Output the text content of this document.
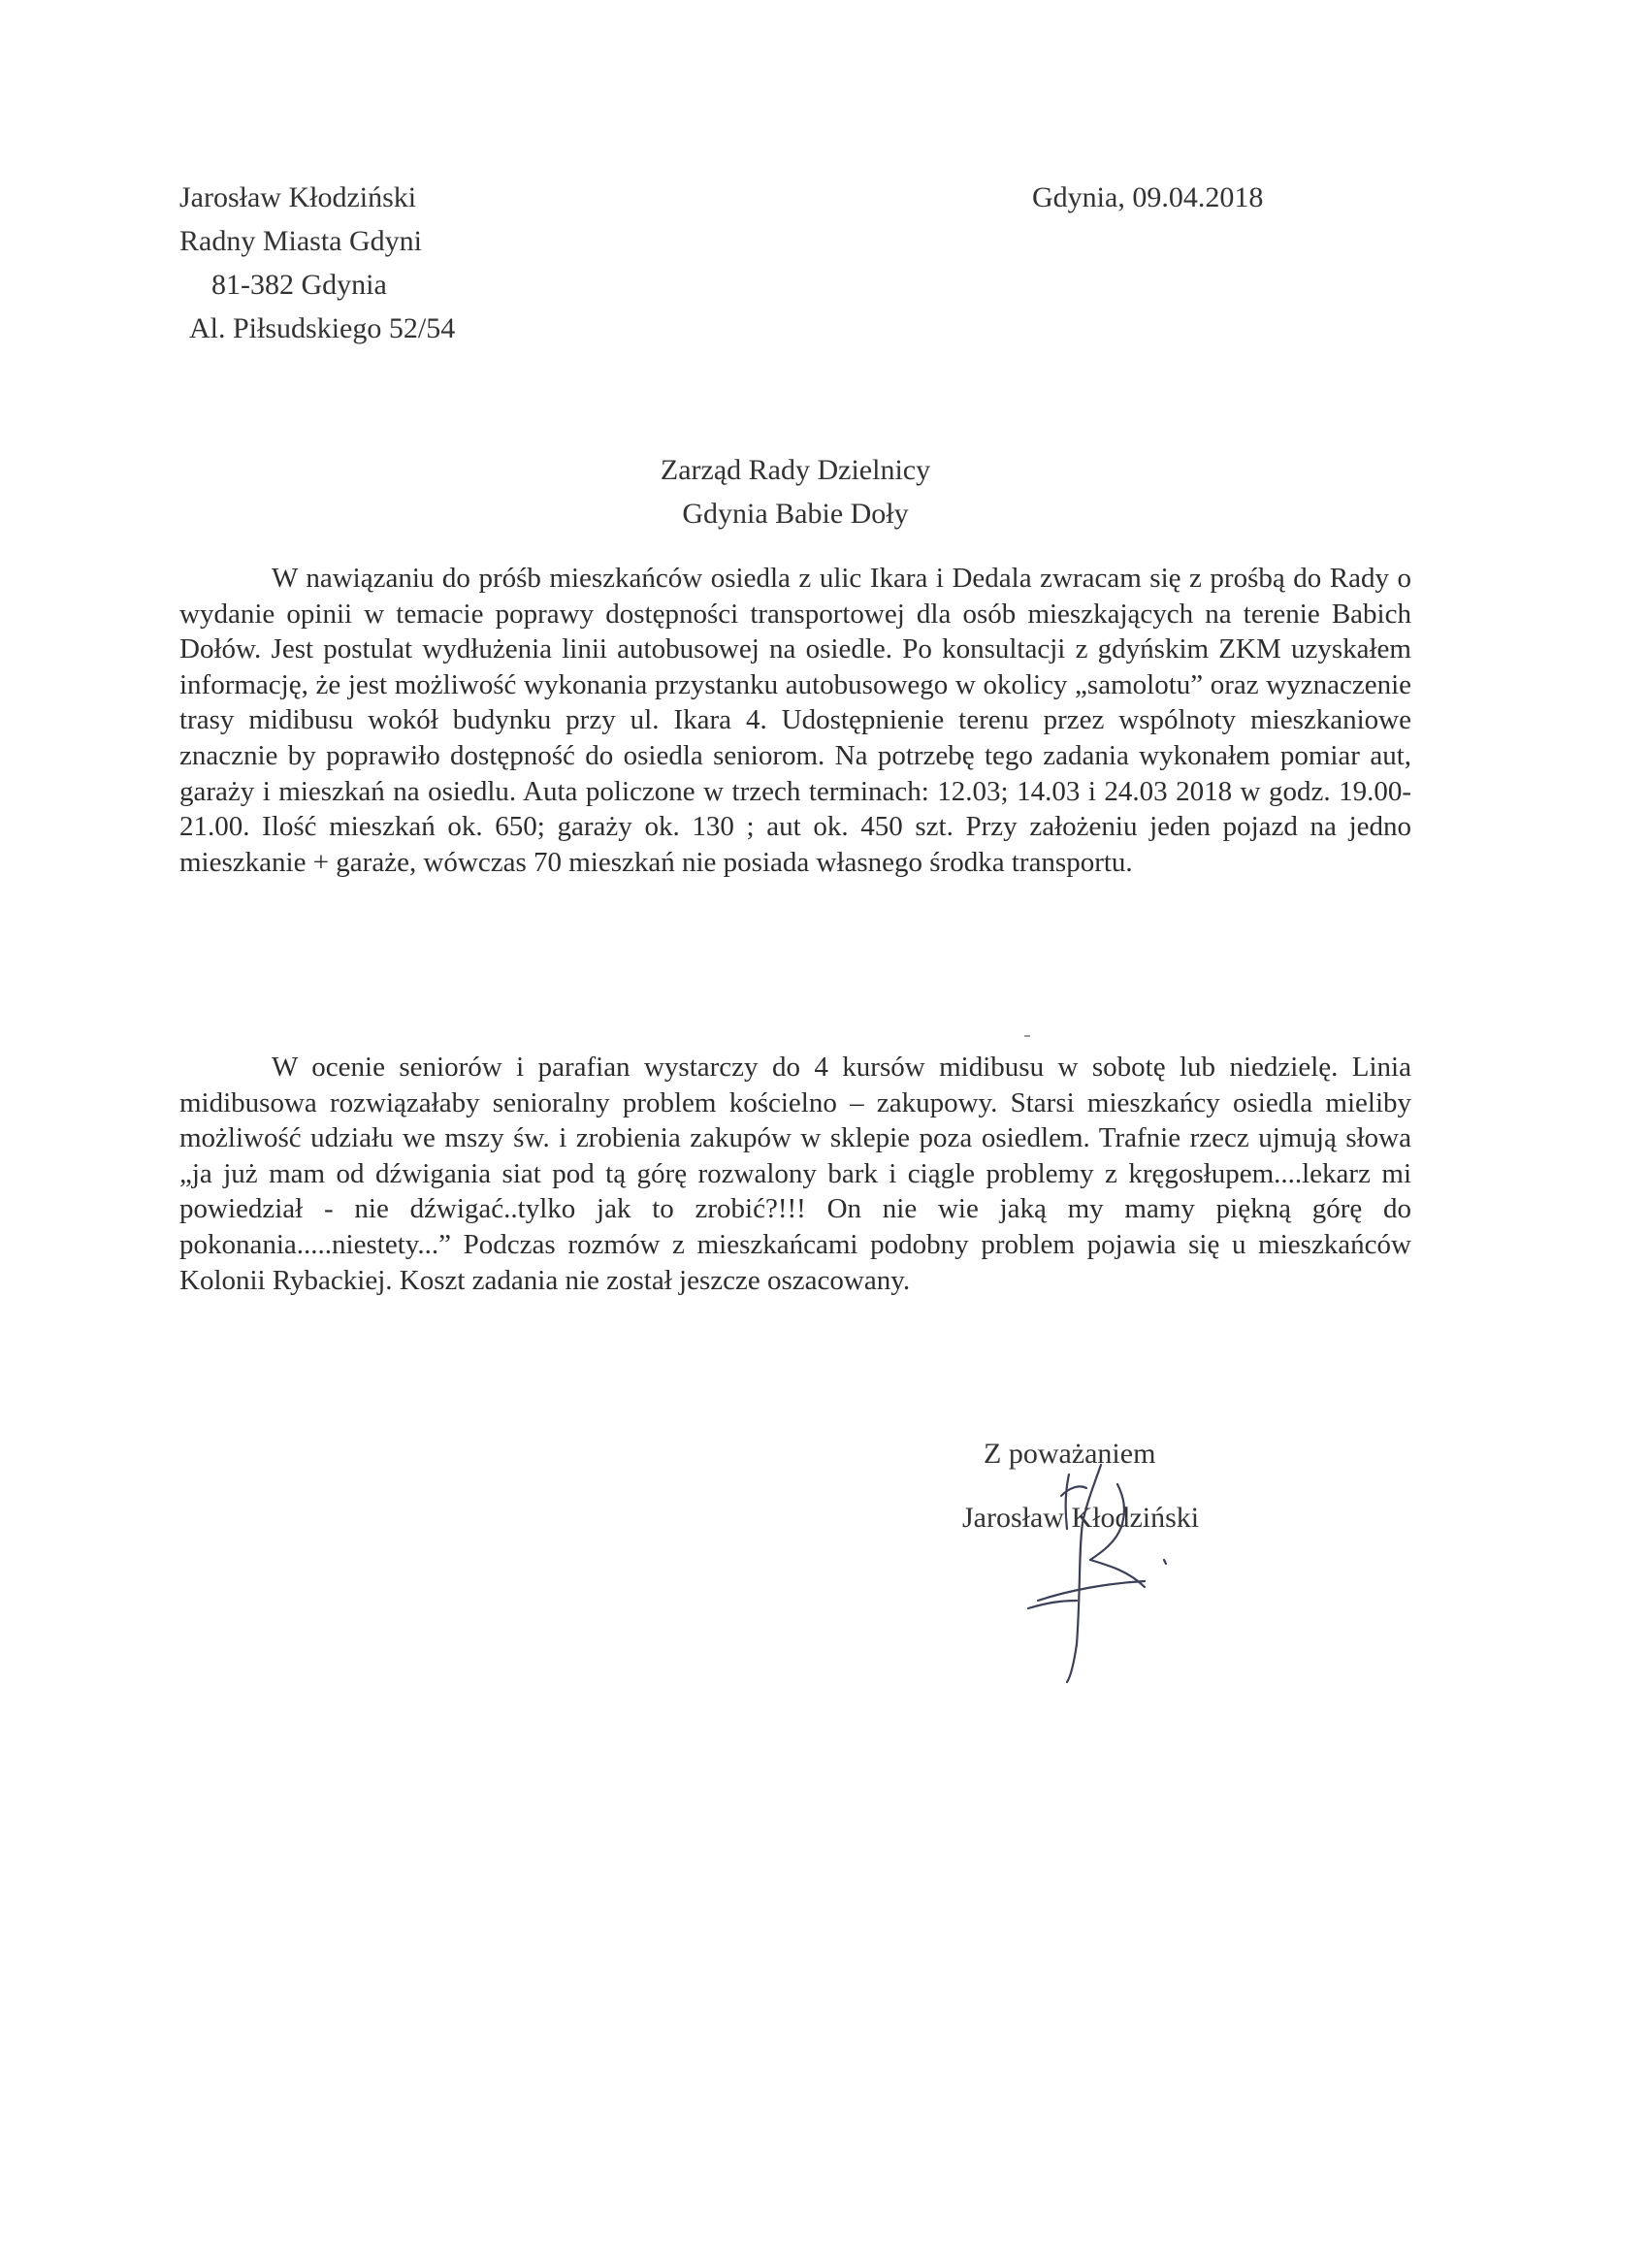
Jarosław Kłodziński
Radny Miasta Gdyni
81-382 Gdynia
Al. Piłsudskiego 52/54
Gdynia, 09.04.2018
Zarząd Rady Dzielnicy
Gdynia Babie Doły

W nawiązaniu do próśb mieszkańców osiedla z ulic Ikara i Dedala zwracam się z prośbą do Rady o wydanie opinii w temacie poprawy dostępności transportowej dla osób mieszkających na terenie Babich Dołów. Jest postulat wydłużenia linii autobusowej na osiedle. Po konsultacji z gdyńskim ZKM uzyskałem informację, że jest możliwość wykonania przystanku autobusowego w okolicy „samolotu” oraz wyznaczenie trasy midibusu wokół budynku przy ul. Ikara 4. Udostępnienie terenu przez wspólnoty mieszkaniowe znacznie by poprawiło dostępność do osiedla seniorom. Na potrzebę tego zadania wykonałem pomiar aut, garaży i mieszkań na osiedlu. Auta policzone w trzech terminach: 12.03; 14.03 i 24.03 2018 w godz. 19.00-21.00. Ilość mieszkań ok. 650; garaży ok. 130 ; aut ok. 450 szt. Przy założeniu jeden pojazd na jedno mieszkanie + garaże, wówczas 70 mieszkań nie posiada własnego środka transportu.

W ocenie seniorów i parafian wystarczy do 4 kursów midibusu w sobotę lub niedzielę. Linia midibusowa rozwiązałaby senioralny problem kościelno – zakupowy. Starsi mieszkańcy osiedla mieliby możliwość udziału we mszy św. i zrobienia zakupów w sklepie poza osiedlem. Trafnie rzecz ujmują słowa „ja już mam od dźwigania siat pod tą górę rozwalony bark i ciągle problemy z kręgosłupem....lekarz mi powiedział - nie dźwigać..tylko jak to zrobić?!!! On nie wie jaką my mamy piękną górę do pokonania.....niestety...” Podczas rozmów z mieszkańcami podobny problem pojawia się u mieszkańców Kolonii Rybackiej. Koszt zadania nie został jeszcze oszacowany.

Z poważaniem
Jarosław Kłodziński
